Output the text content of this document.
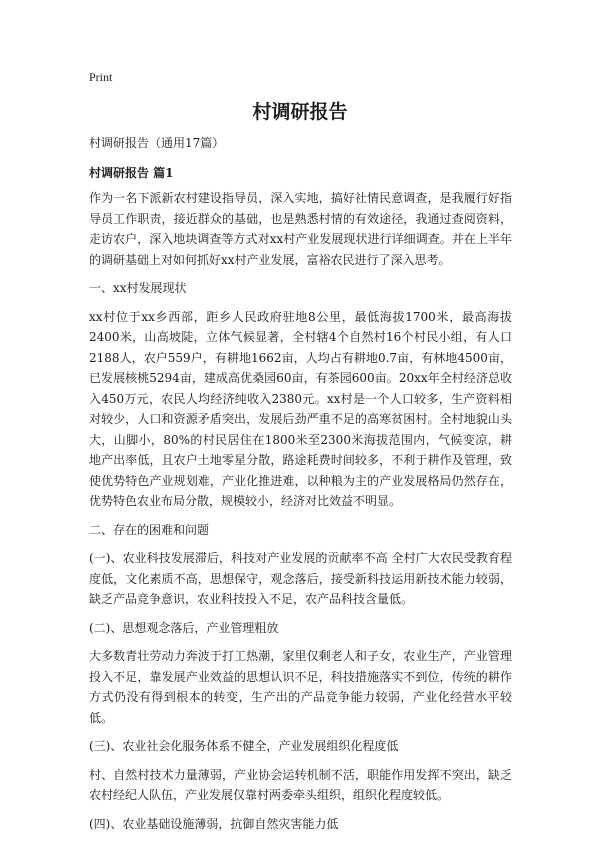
Print
村调研报告

村调研报告（通用17篇）

村调研报告 篇1

作为一名下派新农村建设指导员，深入实地，搞好社情民意调查，是我履行好指导员工作职责，接近群众的基础，也是熟悉村情的有效途径，我通过查阅资料，走访农户，深入地块调查等方式对xx村产业发展现状进行详细调查。并在上半年的调研基础上对如何抓好xx村产业发展，富裕农民进行了深入思考。

一、xx村发展现状

xx村位于xx乡西部，距乡人民政府驻地8公里，最低海拔1700米，最高海拔2400米，山高坡陡，立体气候显著，全村辖4个自然村16个村民小组，有人口2188人，农户559户，有耕地1662亩，人均占有耕地0.7亩，有林地4500亩，已发展核桃5294亩，建成高优桑园60亩，有茶园600亩。20xx年全村经济总收入450万元，农民人均经济纯收入2380元。xx村是一个人口较多，生产资料相对较少，人口和资源矛盾突出，发展后劲严重不足的高寒贫困村。全村地貌山头大，山脚小，80%的村民居住在1800米至2300米海拔范围内，气候变凉，耕地产出率低，且农户土地零星分散，路途耗费时间较多，不利于耕作及管理，致使优势特色产业规划难，产业化推进难，以种粮为主的产业发展格局仍然存在，优势特色农业布局分散，规模较小，经济对比效益不明显。

二、存在的困难和问题

(一)、农业科技发展滞后，科技对产业发展的贡献率不高 全村广大农民受教育程度低，文化素质不高，思想保守，观念落后，接受新科技运用新技术能力较弱，缺乏产品竞争意识，农业科技投入不足，农产品科技含量低。

(二)、思想观念落后，产业管理粗放

大多数青壮劳动力奔波于打工热潮，家里仅剩老人和子女，农业生产，产业管理投入不足，靠发展产业效益的思想认识不足，科技措施落实不到位，传统的耕作方式仍没有得到根本的转变，生产出的产品竞争能力较弱，产业化经营水平较低。

(三)、农业社会化服务体系不健全，产业发展组织化程度低

村、自然村技术力量薄弱，产业协会运转机制不活，职能作用发挥不突出，缺乏农村经纪人队伍，产业发展仅靠村两委牵头组织，组织化程度较低。

(四)、农业基础设施薄弱，抗御自然灾害能力低
